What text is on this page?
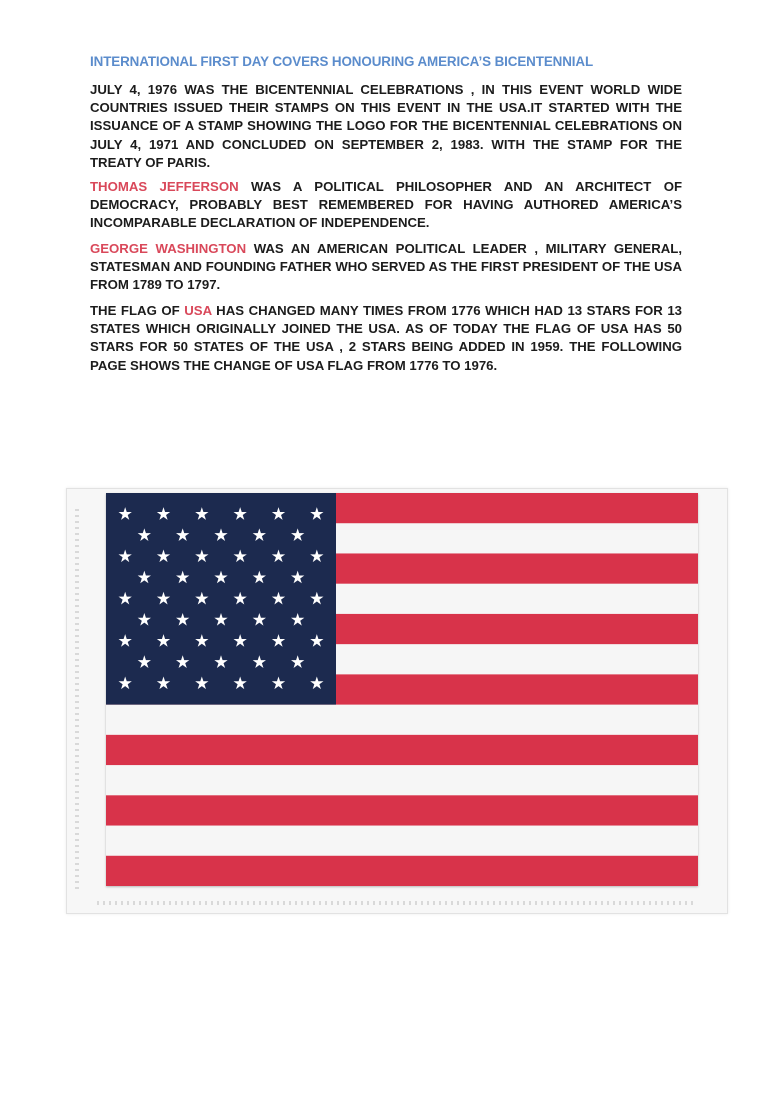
INTERNATIONAL FIRST DAY COVERS HONOURING AMERICA’S BICENTENNIAL
JULY 4, 1976 WAS THE BICENTENNIAL CELEBRATIONS , IN THIS EVENT WORLD WIDE COUNTRIES ISSUED THEIR STAMPS ON THIS EVENT IN THE USA.IT STARTED WITH THE ISSUANCE OF A STAMP SHOWING THE LOGO FOR THE BICENTENNIAL CELEBRATIONS ON JULY 4, 1971 AND CONCLUDED ON SEPTEMBER 2, 1983. WITH THE STAMP FOR THE TREATY OF PARIS.
THOMAS JEFFERSON WAS A POLITICAL PHILOSOPHER AND AN ARCHITECT OF DEMOCRACY, PROBABLY BEST REMEMBERED FOR HAVING AUTHORED AMERICA’S INCOMPARABLE DECLARATION OF INDEPENDENCE.
GEORGE WASHINGTON WAS AN AMERICAN POLITICAL LEADER , MILITARY GENERAL, STATESMAN AND FOUNDING FATHER WHO SERVED AS THE FIRST PRESIDENT OF THE USA FROM 1789 TO 1797.
THE FLAG OF USA HAS CHANGED MANY TIMES FROM 1776 WHICH HAD 13 STARS FOR 13 STATES WHICH ORIGINALLY JOINED THE USA. AS OF TODAY THE FLAG OF USA HAS 50 STARS FOR 50 STATES OF THE USA , 2 STARS BEING ADDED IN 1959. THE FOLLOWING PAGE SHOWS THE CHANGE OF USA FLAG FROM 1776 TO 1976.
